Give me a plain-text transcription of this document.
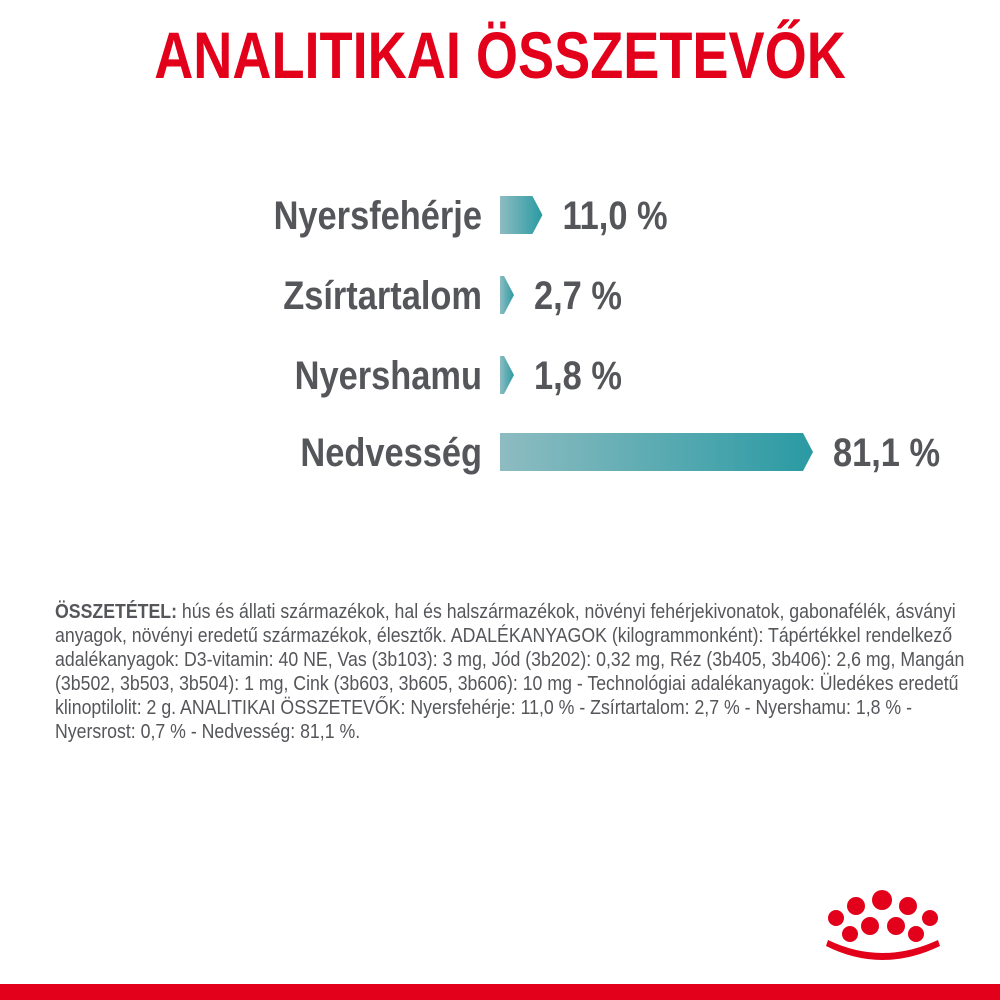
ANALITIKAI ÖSSZETEVŐK
Nyersfehérje 11,0 %
Zsírtartalom 2,7 %
Nyershamu 1,8 %
Nedvesség	81,1 %
ÖSSZETÉTEL: hús és állati származékok, hal és halszármazékok, növényi fehérjekivonatok, gabonafélék, ásványi anyagok, növényi eredetű származékok, élesztők. ADALÉKANYAGOK (kilogrammonként): Tápértékkel rendelkező adalékanyagok: D3-vitamin: 40 NE, Vas (3b103): 3 mg, Jód (3b202): 0,32 mg, Réz (3b405, 3b406): 2,6 mg, Mangán (3b502, 3b503, 3b504): 1 mg, Cink (3b603, 3b605, 3b606): 10 mg - Technológiai adalékanyagok: Üledékes eredetű klinoptilolit: 2 g. ANALITIKAI ÖSSZETEVŐK: Nyersfehérje: 11,0 % - Zsírtartalom: 2,7 % - Nyershamu: 1,8 % - Nyersrost: 0,7 % - Nedvesség: 81,1 %.
